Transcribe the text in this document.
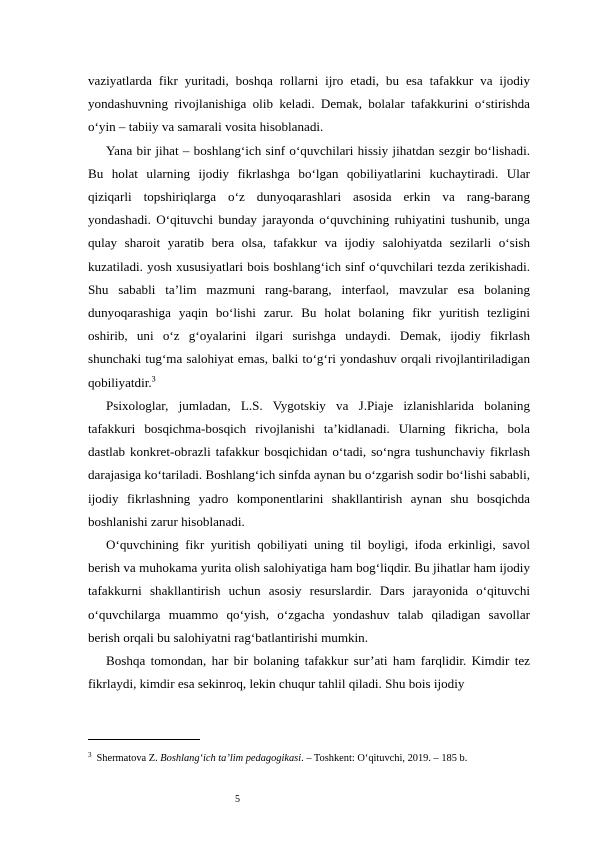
vaziyatlarda fikr yuritadi, boshqa rollarni ijro etadi, bu esa tafakkur va ijodiy yondashuvning rivojlanishiga olib keladi. Demak, bolalar tafakkurini o‘stirishda o‘yin – tabiiy va samarali vosita hisoblanadi.

Yana bir jihat – boshlang‘ich sinf o‘quvchilari hissiy jihatdan sezgir bo‘lishadi. Bu holat ularning ijodiy fikrlashga bo‘lgan qobiliyatlarini kuchaytiradi. Ular qiziqarli topshiriqlarga o‘z dunyoqarashlari asosida erkin va rang-barang yondashadi. O‘qituvchi bunday jarayonda o‘quvchining ruhiyatini tushunib, unga qulay sharoit yaratib bera olsa, tafakkur va ijodiy salohiyatda sezilarli o‘sish kuzatiladi. yosh xususiyatlari bois boshlang‘ich sinf o‘quvchilari tezda zerikishadi. Shu sababli ta’lim mazmuni rang-barang, interfaol, mavzular esa bolaning dunyoqarashiga yaqin bo‘lishi zarur. Bu holat bolaning fikr yuritish tezligini oshirib, uni o‘z g‘oyalarini ilgari surishga undaydi. Demak, ijodiy fikrlash shunchaki tug‘ma salohiyat emas, balki to‘g‘ri yondashuv orqali rivojlantiriladigan qobiliyatdir.$^3$

Psixologlar, jumladan, L.S. Vygotskiy va J.Piaje izlanishlarida bolaning tafakkuri bosqichma-bosqich rivojlanishi ta’kidlanadi. Ularning fikricha, bola dastlab konkret-obrazli tafakkur bosqichidan o‘tadi, so‘ngra tushunchaviy fikrlash darajasiga ko‘tariladi. Boshlang‘ich sinfda aynan bu o‘zgarish sodir bo‘lishi sababli, ijodiy fikrlashning yadro komponentlarini shakllantirish aynan shu bosqichda boshlanishi zarur hisoblanadi.

O‘quvchining fikr yuritish qobiliyati uning til boyligi, ifoda erkinligi, savol berish va muhokama yurita olish salohiyatiga ham bog‘liqdir. Bu jihatlar ham ijodiy tafakkurni shakllantirish uchun asosiy resurslardir. Dars jarayonida o‘qituvchi o‘quvchilarga muammo qo‘yish, o‘zgacha yondashuv talab qiladigan savollar berish orqali bu salohiyatni rag‘batlantirishi mumkin.

Boshqa tomondan, har bir bolaning tafakkur sur’ati ham farqlidir. Kimdir tez fikrlaydi, kimdir esa sekinroq, lekin chuqur tahlil qiladi. Shu bois ijodiy

$^3$ Shermatova Z. Boshlang‘ich ta’lim pedagogikasi. – Toshkent: O‘qituvchi, 2019. – 185 b.
5
